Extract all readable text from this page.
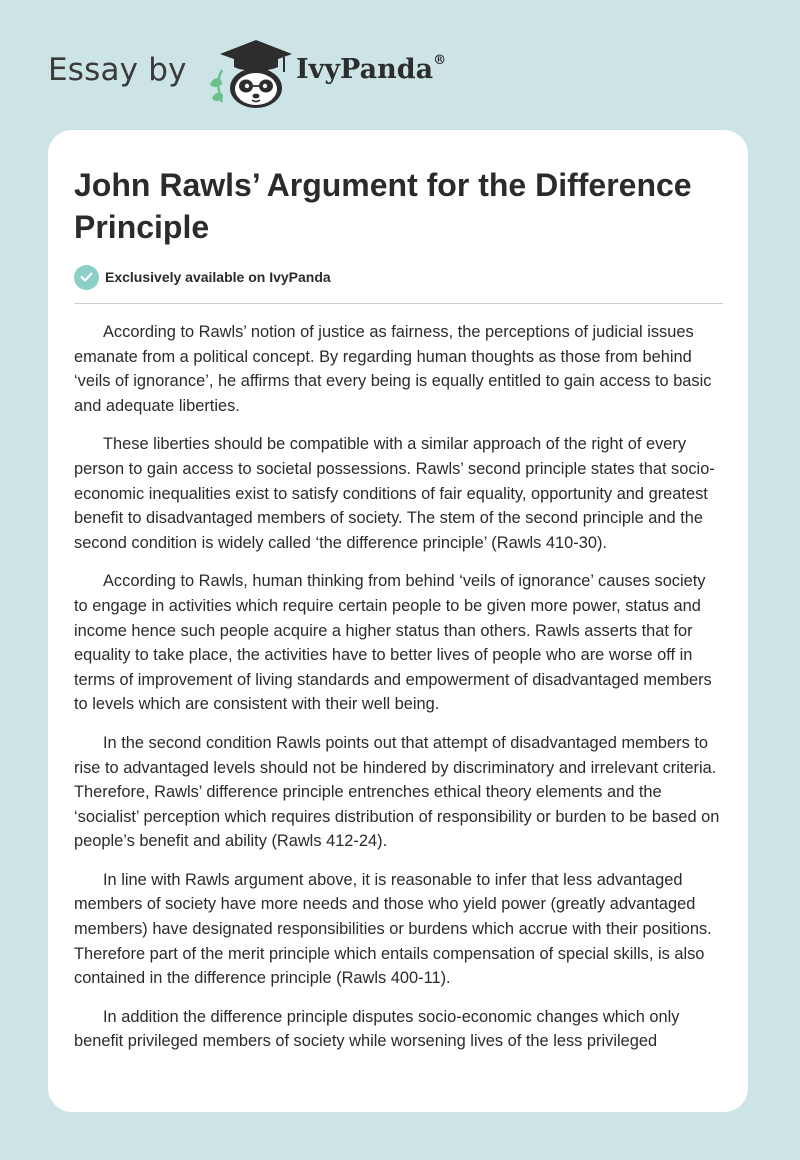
Essay by	IvyPanda®
John Rawls’ Argument for the Difference Principle
Exclusively available on IvyPanda

According to Rawls’ notion of justice as fairness, the perceptions of judicial issues emanate from a political concept. By regarding human thoughts as those from behind ‘veils of ignorance’, he affirms that every being is equally entitled to gain access to basic and adequate liberties.

These liberties should be compatible with a similar approach of the right of every person to gain access to societal possessions. Rawls’ second principle states that socio-economic inequalities exist to satisfy conditions of fair equality, opportunity and greatest benefit to disadvantaged members of society. The stem of the second principle and the second condition is widely called ‘the difference principle’ (Rawls 410-30).

According to Rawls, human thinking from behind ‘veils of ignorance’ causes society to engage in activities which require certain people to be given more power, status and income hence such people acquire a higher status than others. Rawls asserts that for equality to take place, the activities have to better lives of people who are worse off in terms of improvement of living standards and empowerment of disadvantaged members to levels which are consistent with their well being.

In the second condition Rawls points out that attempt of disadvantaged members to rise to advantaged levels should not be hindered by discriminatory and irrelevant criteria. Therefore, Rawls’ difference principle entrenches ethical theory elements and the ‘socialist’ perception which requires distribution of responsibility or burden to be based on people’s benefit and ability (Rawls 412-24).

In line with Rawls argument above, it is reasonable to infer that less advantaged members of society have more needs and those who yield power (greatly advantaged members) have designated responsibilities or burdens which accrue with their positions. Therefore part of the merit principle which entails compensation of special skills, is also contained in the difference principle (Rawls 400-11).

In addition the difference principle disputes socio-economic changes which only benefit privileged members of society while worsening lives of the less privileged
